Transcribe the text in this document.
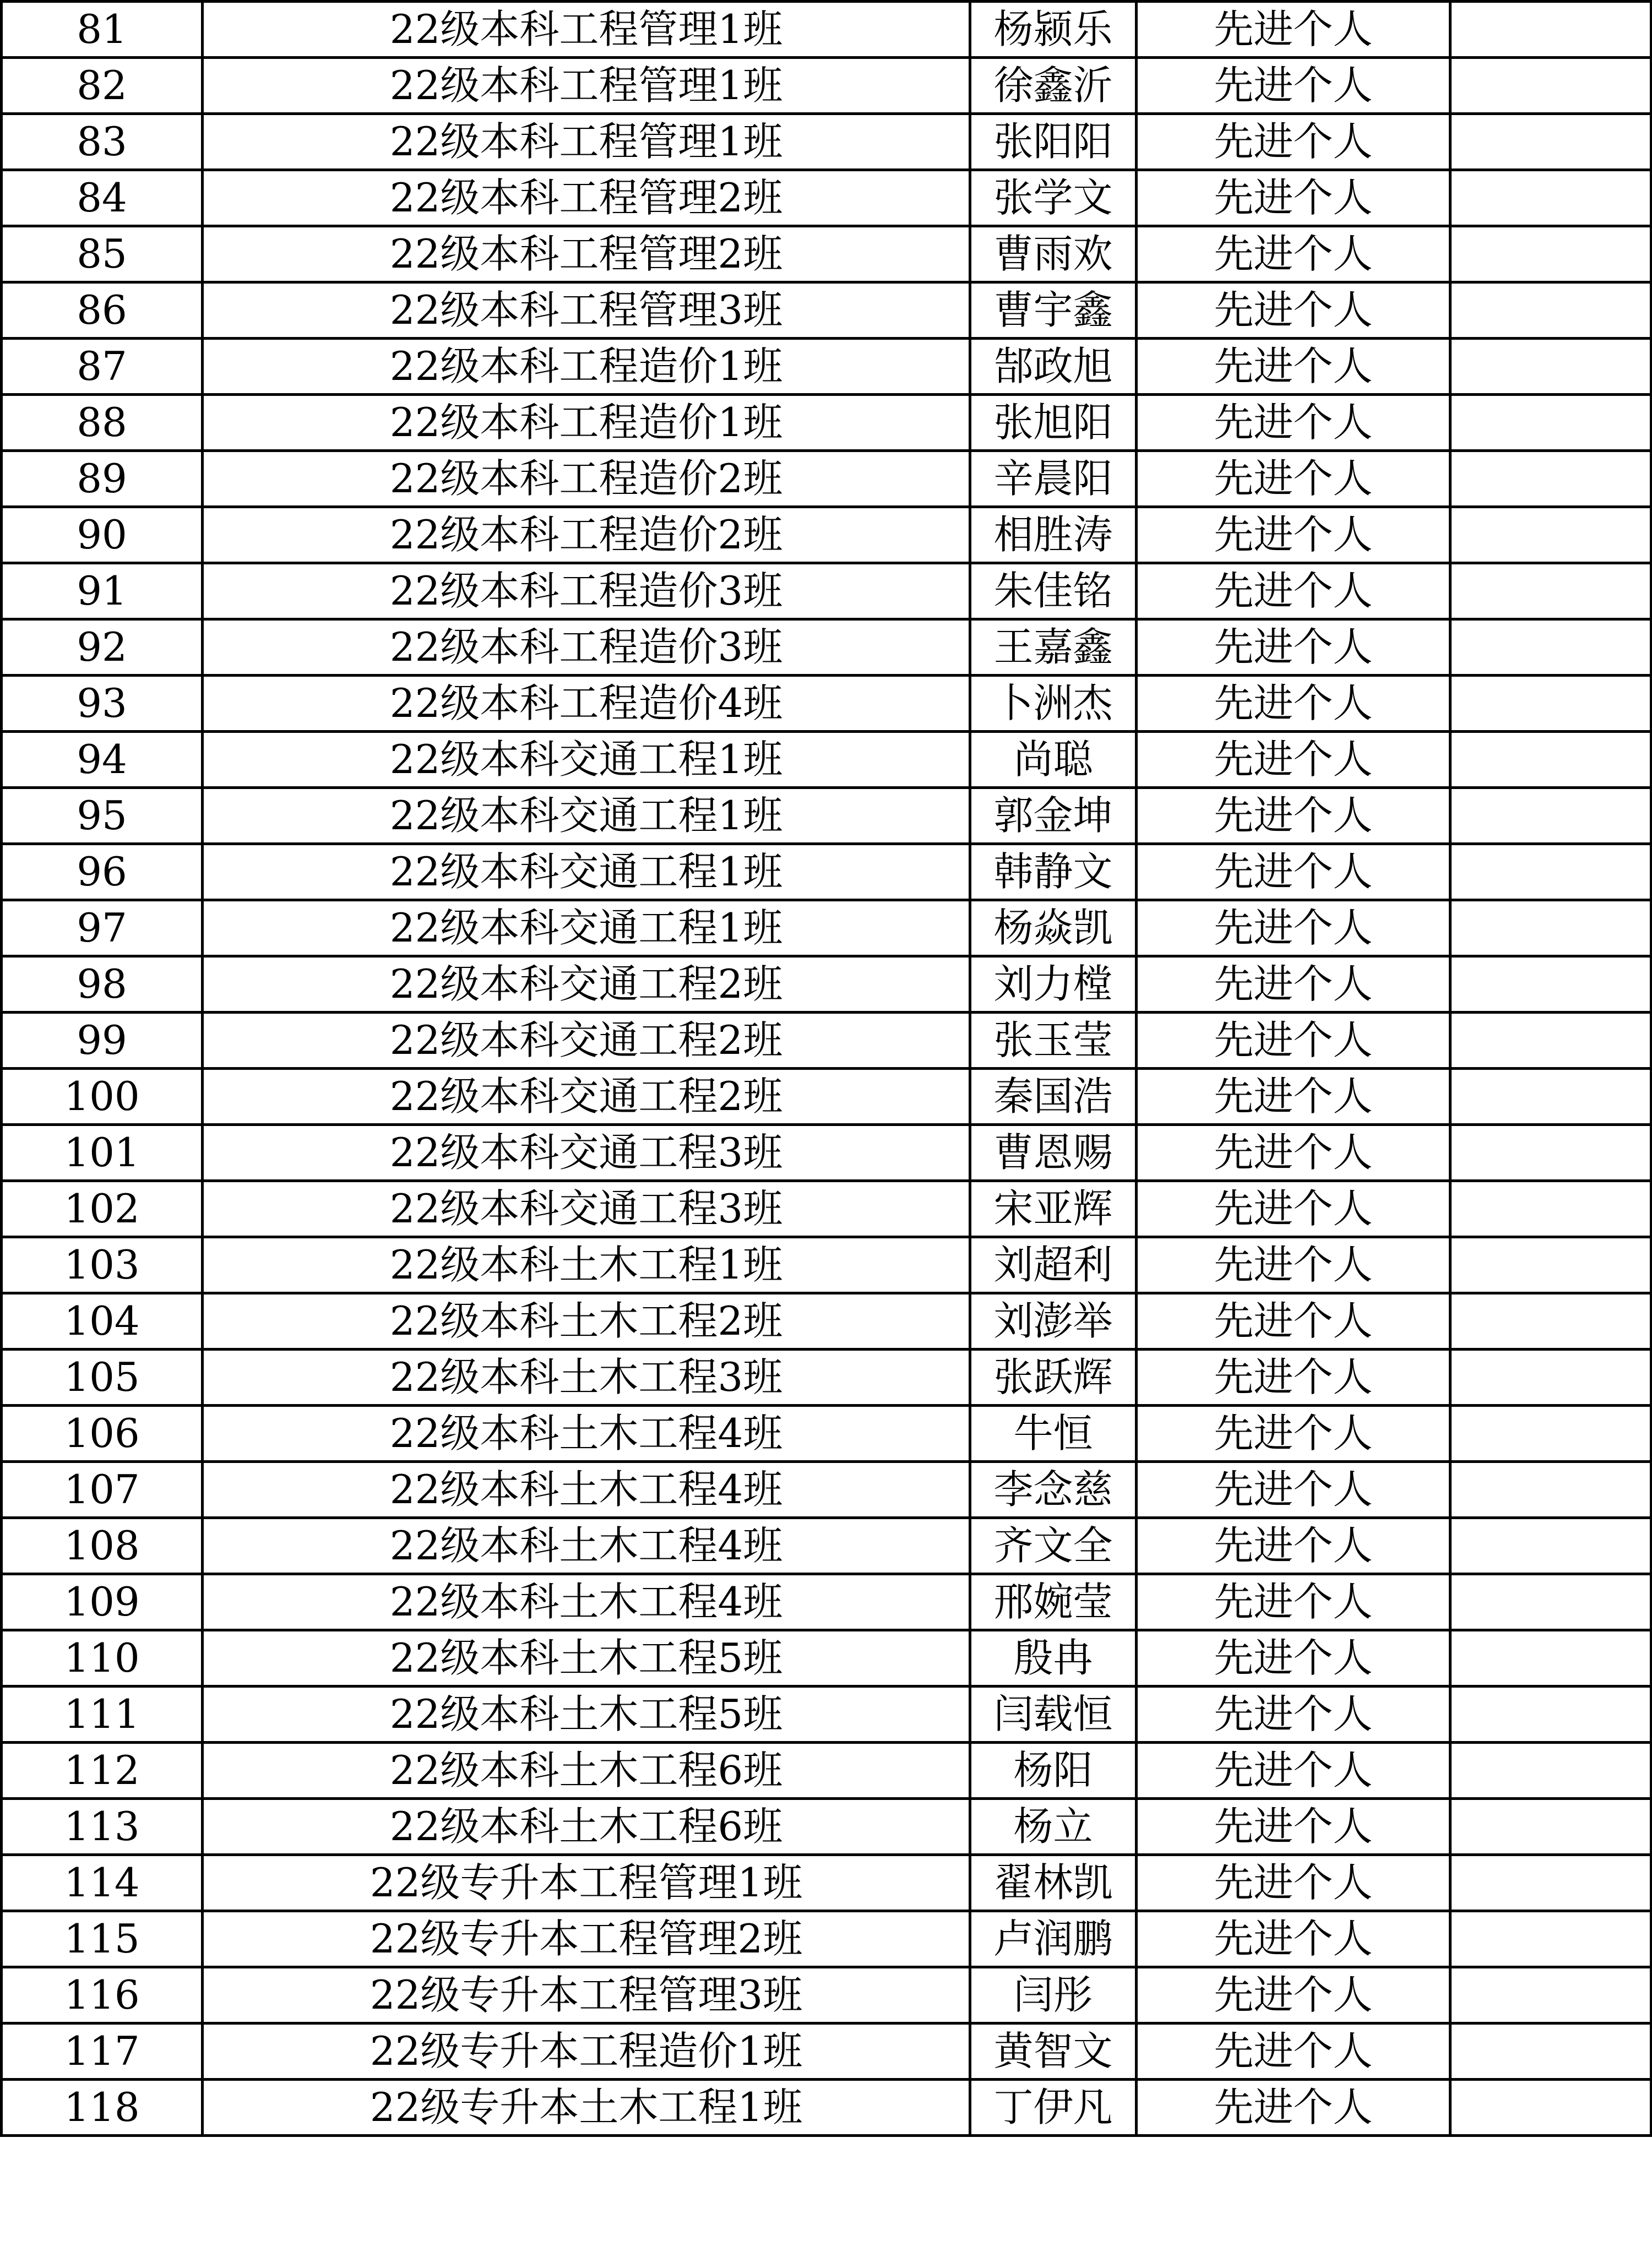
81	22级本科工程管理1班	杨颍乐	先进个人	
82	22级本科工程管理1班	徐鑫沂	先进个人	
83	22级本科工程管理1班	张阳阳	先进个人	
84	22级本科工程管理2班	张学文	先进个人	
85	22级本科工程管理2班	曹雨欢	先进个人	
86	22级本科工程管理3班	曹宇鑫	先进个人	
87	22级本科工程造价1班	郜政旭	先进个人	
88	22级本科工程造价1班	张旭阳	先进个人	
89	22级本科工程造价2班	辛晨阳	先进个人	
90	22级本科工程造价2班	相胜涛	先进个人	
91	22级本科工程造价3班	朱佳铭	先进个人	
92	22级本科工程造价3班	王嘉鑫	先进个人	
93	22级本科工程造价4班	卜洲杰	先进个人	
94	22级本科交通工程1班	尚聪	先进个人	
95	22级本科交通工程1班	郭金坤	先进个人	
96	22级本科交通工程1班	韩静文	先进个人	
97	22级本科交通工程1班	杨焱凯	先进个人	
98	22级本科交通工程2班	刘力樘	先进个人	
99	22级本科交通工程2班	张玉莹	先进个人	
100	22级本科交通工程2班	秦国浩	先进个人	
101	22级本科交通工程3班	曹恩赐	先进个人	
102	22级本科交通工程3班	宋亚辉	先进个人	
103	22级本科土木工程1班	刘超利	先进个人	
104	22级本科土木工程2班	刘澎举	先进个人	
105	22级本科土木工程3班	张跃辉	先进个人	
106	22级本科土木工程4班	牛恒	先进个人	
107	22级本科土木工程4班	李念慈	先进个人	
108	22级本科土木工程4班	齐文全	先进个人	
109	22级本科土木工程4班	邢婉莹	先进个人	
110	22级本科土木工程5班	殷冉	先进个人	
111	22级本科土木工程5班	闫载恒	先进个人	
112	22级本科土木工程6班	杨阳	先进个人	
113	22级本科土木工程6班	杨立	先进个人	
114	22级专升本工程管理1班	翟林凯	先进个人	
115	22级专升本工程管理2班	卢润鹏	先进个人	
116	22级专升本工程管理3班	闫彤	先进个人	
117	22级专升本工程造价1班	黄智文	先进个人	
118	22级专升本土木工程1班	丁伊凡	先进个人	
